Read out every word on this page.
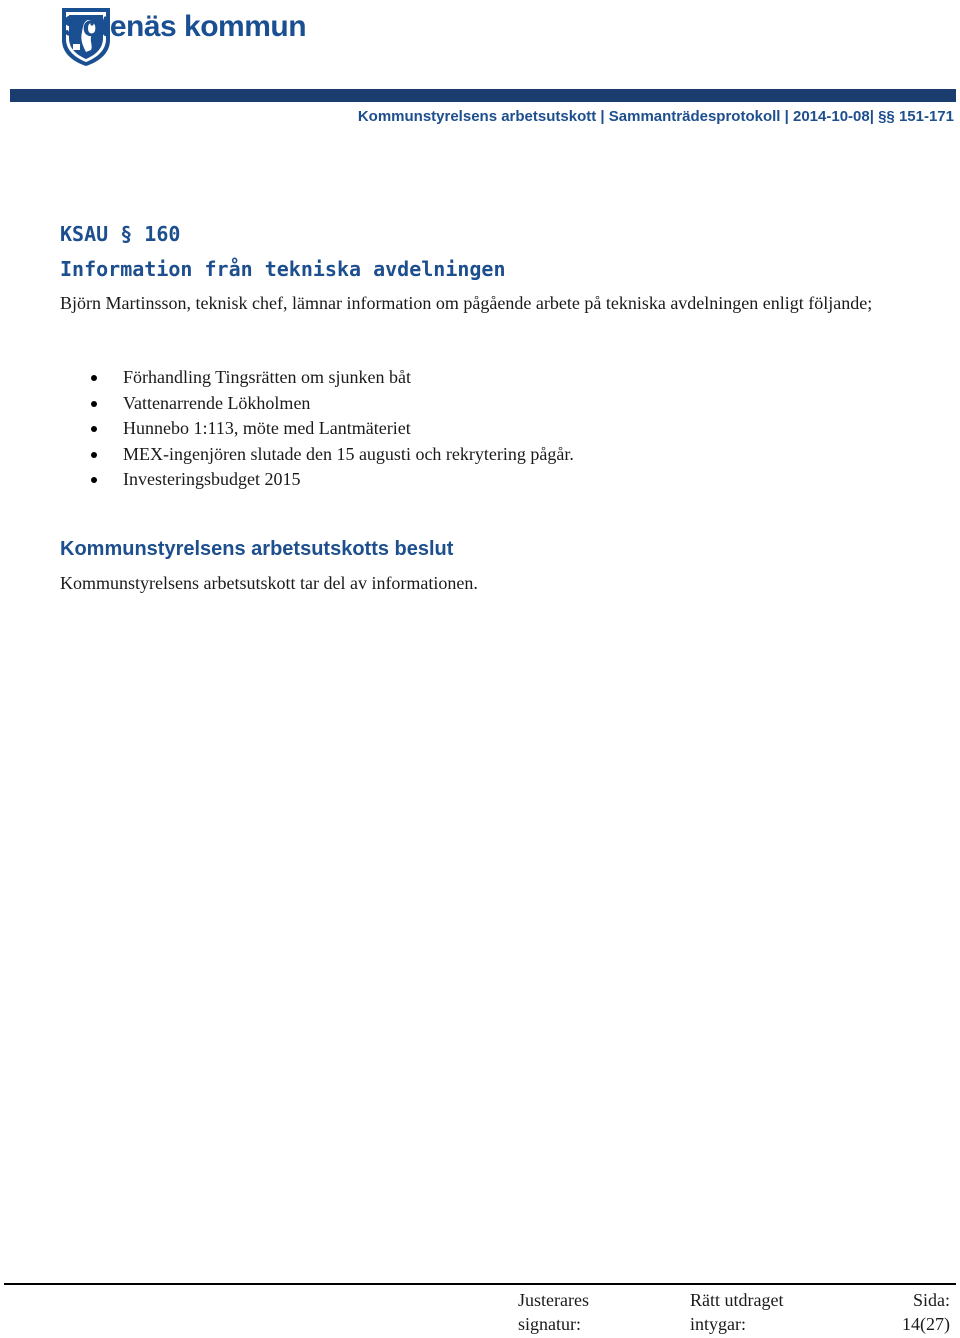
Sotenäs kommun
Kommunstyrelsens arbetsutskott | Sammanträdesprotokoll | 2014-10-08| §§ 151-171
KSAU § 160
Information från tekniska avdelningen
Björn Martinsson, teknisk chef, lämnar information om pågående arbete på tekniska avdelningen enligt följande;
Förhandling Tingsrätten om sjunken båt
Vattenarrende Lökholmen
Hunnebo 1:113, möte med Lantmäteriet
MEX-ingenjören slutade den 15 augusti och rekrytering pågår.
Investeringsbudget 2015
Kommunstyrelsens arbetsutskotts beslut
Kommunstyrelsens arbetsutskott tar del av informationen.
Justerares
signatur:
Rätt utdraget
intygar:
Sida:
14(27)
